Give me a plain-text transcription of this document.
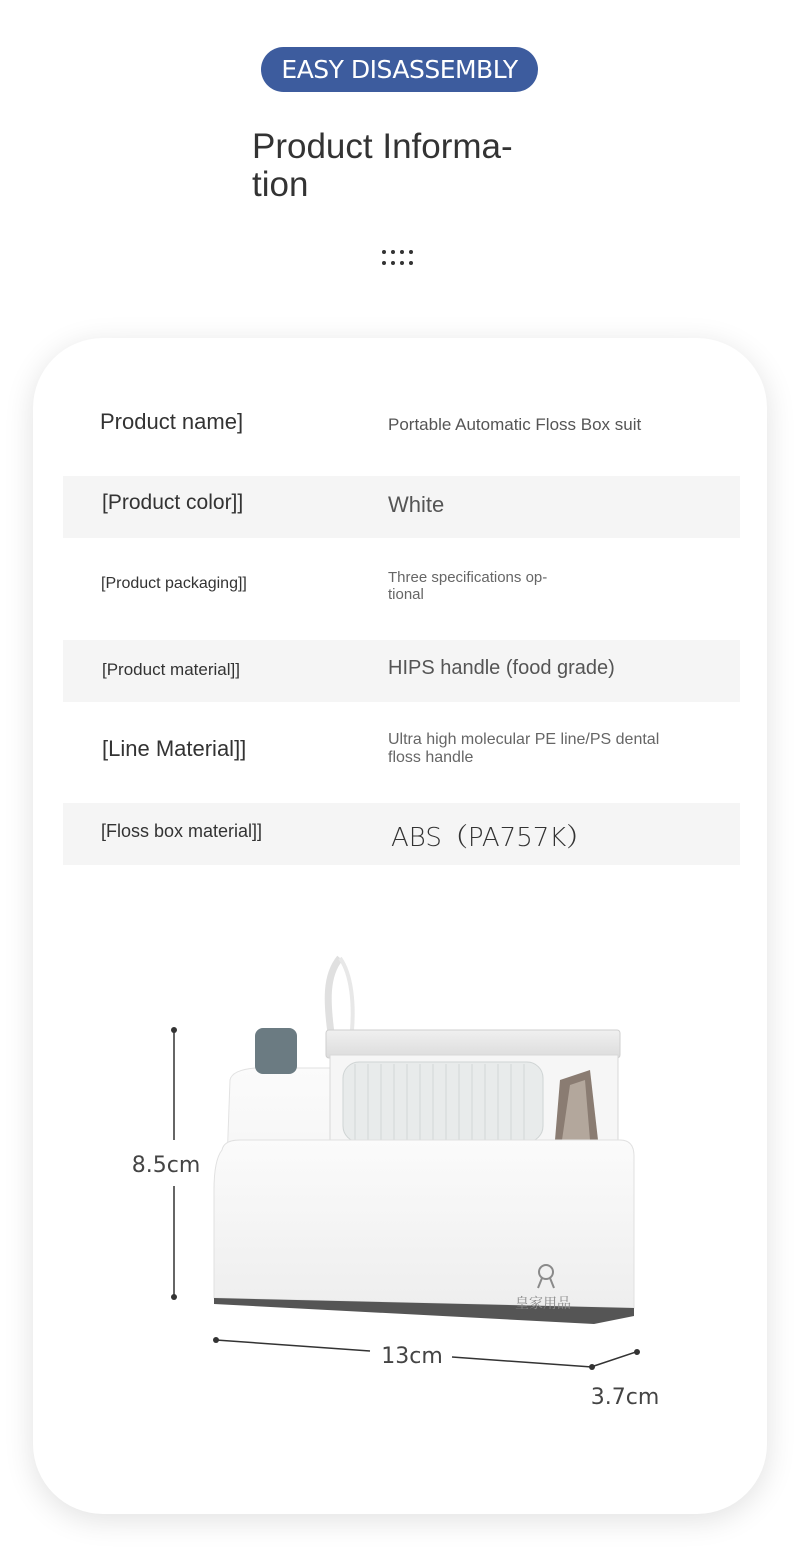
EASY DISASSEMBLY
Product Informa-
tion
Product name]	Portable Automatic Floss Box suit
[Product color]]	White
[Product packaging]]	Three specifications op-
tional
[Product material]]	HIPS handle (food grade)
[Line Material]]	Ultra high molecular PE line/PS dental
floss handle
[Floss box material]]	ABS（PA757K）
皇家用品
8.5cm
13cm
3.7cm
